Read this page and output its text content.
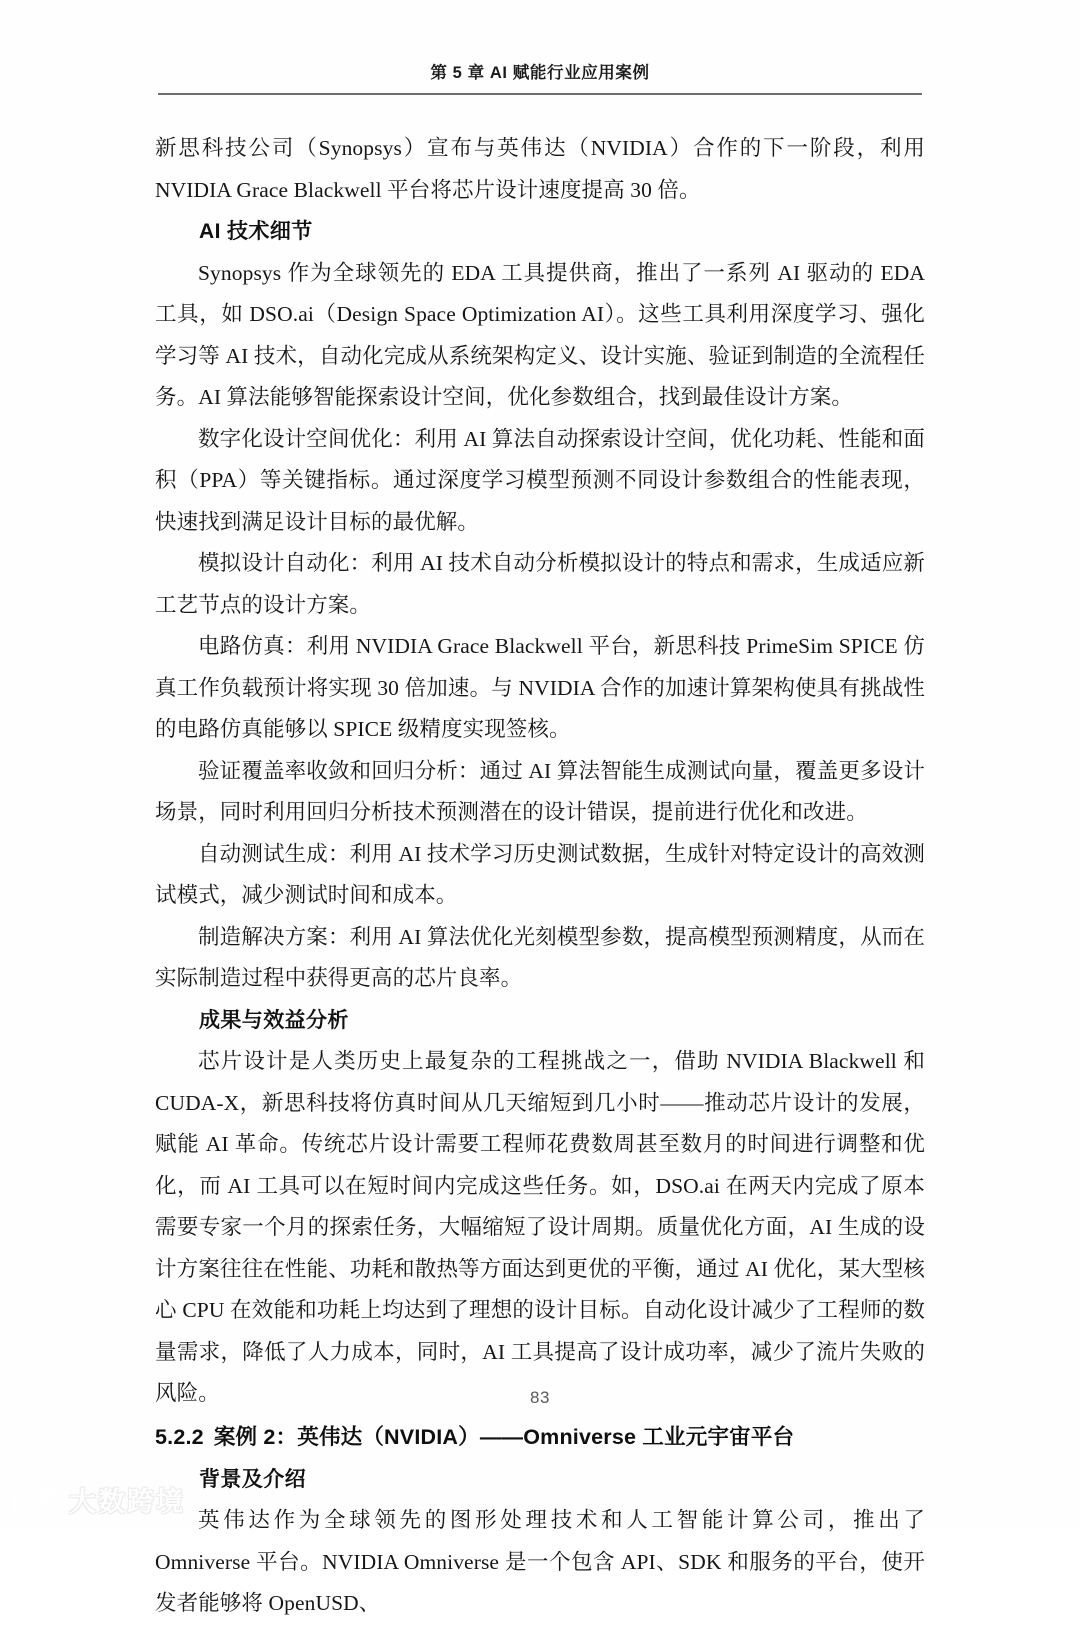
第 5 章 AI 赋能行业应用案例

新思科技公司（Synopsys）宣布与英伟达（NVIDIA）合作的下一阶段，利用 NVIDIA Grace Blackwell 平台将芯片设计速度提高 30 倍。

AI 技术细节

Synopsys 作为全球领先的 EDA 工具提供商，推出了一系列 AI 驱动的 EDA 工具，如 DSO.ai（Design Space Optimization AI）。这些工具利用深度学习、强化学习等 AI 技术，自动化完成从系统架构定义、设计实施、验证到制造的全流程任务。AI 算法能够智能探索设计空间，优化参数组合，找到最佳设计方案。

数字化设计空间优化：利用 AI 算法自动探索设计空间，优化功耗、性能和面积（PPA）等关键指标。通过深度学习模型预测不同设计参数组合的性能表现，快速找到满足设计目标的最优解。

模拟设计自动化：利用 AI 技术自动分析模拟设计的特点和需求，生成适应新工艺节点的设计方案。

电路仿真：利用 NVIDIA Grace Blackwell 平台，新思科技 PrimeSim SPICE 仿真工作负载预计将实现 30 倍加速。与 NVIDIA 合作的加速计算架构使具有挑战性的电路仿真能够以 SPICE 级精度实现签核。

验证覆盖率收敛和回归分析：通过 AI 算法智能生成测试向量，覆盖更多设计场景，同时利用回归分析技术预测潜在的设计错误，提前进行优化和改进。

自动测试生成：利用 AI 技术学习历史测试数据，生成针对特定设计的高效测试模式，减少测试时间和成本。

制造解决方案：利用 AI 算法优化光刻模型参数，提高模型预测精度，从而在实际制造过程中获得更高的芯片良率。

成果与效益分析

芯片设计是人类历史上最复杂的工程挑战之一，借助 NVIDIA Blackwell 和 CUDA-X，新思科技将仿真时间从几天缩短到几小时——推动芯片设计的发展，赋能 AI 革命。传统芯片设计需要工程师花费数周甚至数月的时间进行调整和优化，而 AI 工具可以在短时间内完成这些任务。如，DSO.ai 在两天内完成了原本需要专家一个月的探索任务，大幅缩短了设计周期。质量优化方面，AI 生成的设计方案往往在性能、功耗和散热等方面达到更优的平衡，通过 AI 优化，某大型核心 CPU 在效能和功耗上均达到了理想的设计目标。自动化设计减少了工程师的数量需求，降低了人力成本，同时，AI 工具提高了设计成功率，减少了流片失败的风险。

5.2.2 案例 2：英伟达（NVIDIA）——Omniverse 工业元宇宙平台
背景及介绍

英伟达作为全球领先的图形处理技术和人工智能计算公司，推出了 Omniverse 平台。NVIDIA Omniverse 是一个包含 API、SDK 和服务的平台，使开发者能够将 OpenUSD、

83
大数跨境
